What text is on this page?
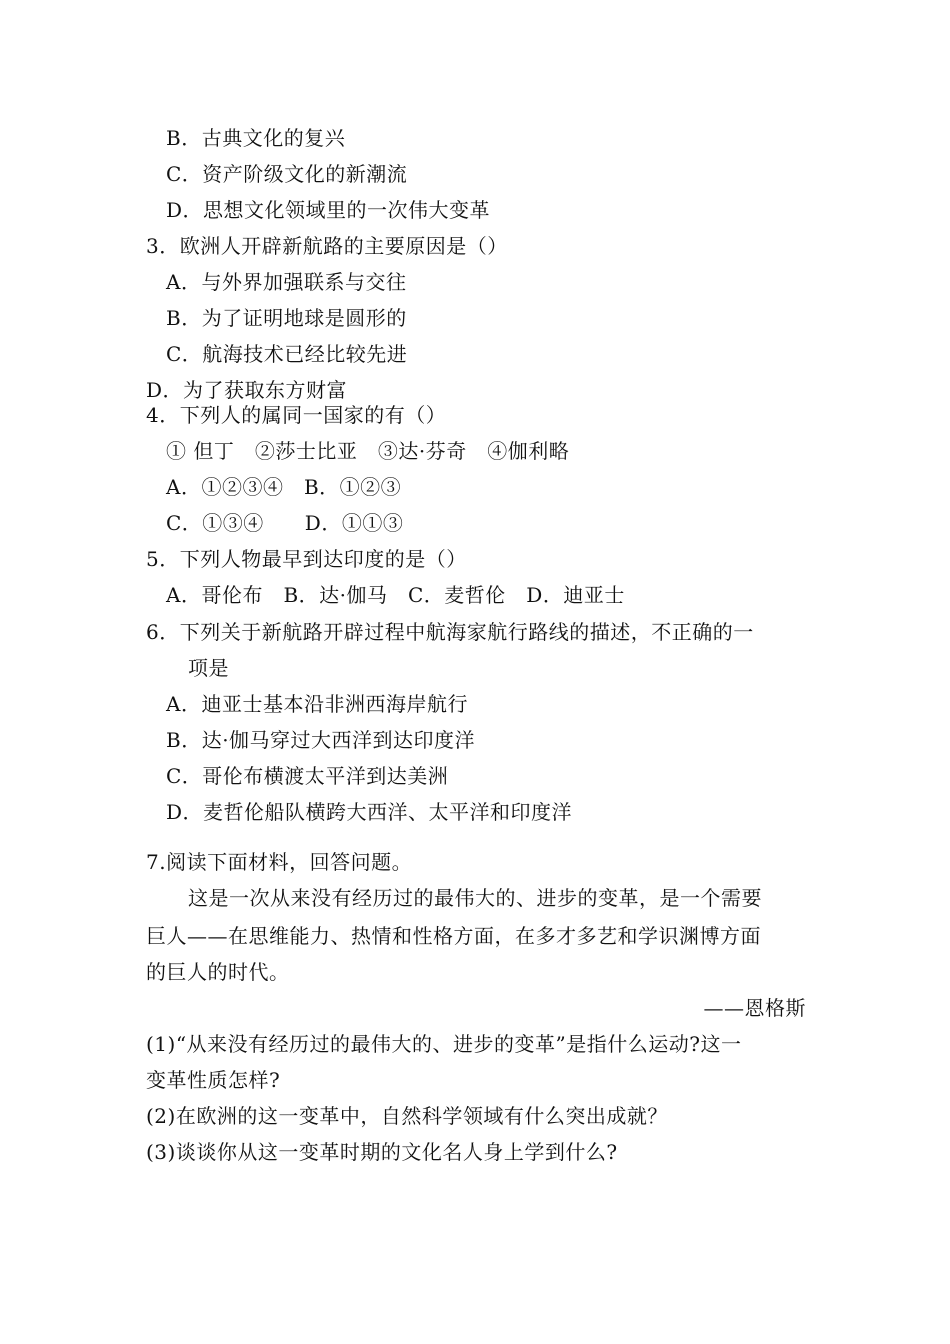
B．古典文化的复兴
C．资产阶级文化的新潮流
D．思想文化领域里的一次伟大变革
3．欧洲人开辟新航路的主要原因是（）
A．与外界加强联系与交往
B．为了证明地球是圆形的
C．航海技术已经比较先进
D．为了获取东方财富
4．下列人的属同一国家的有（）
① 但丁　②莎士比亚　③达·芬奇　④伽利略
A．①②③④　B．①②③
C．①③④　　D．①①③
5．下列人物最早到达印度的是（）
A．哥伦布　B．达·伽马　C．麦哲伦　D．迪亚士
6．下列关于新航路开辟过程中航海家航行路线的描述，不正确的一
项是
A．迪亚士基本沿非洲西海岸航行
B．达·伽马穿过大西洋到达印度洋
C．哥伦布横渡太平洋到达美洲
D．麦哲伦船队横跨大西洋、太平洋和印度洋
7.阅读下面材料，回答问题。
这是一次从来没有经历过的最伟大的、进步的变革，是一个需要
巨人——在思维能力、热情和性格方面，在多才多艺和学识渊博方面
的巨人的时代。
——恩格斯
(1)“从来没有经历过的最伟大的、进步的变革”是指什么运动?这一
变革性质怎样?
(2)在欧洲的这一变革中，自然科学领域有什么突出成就？
(3)谈谈你从这一变革时期的文化名人身上学到什么?
